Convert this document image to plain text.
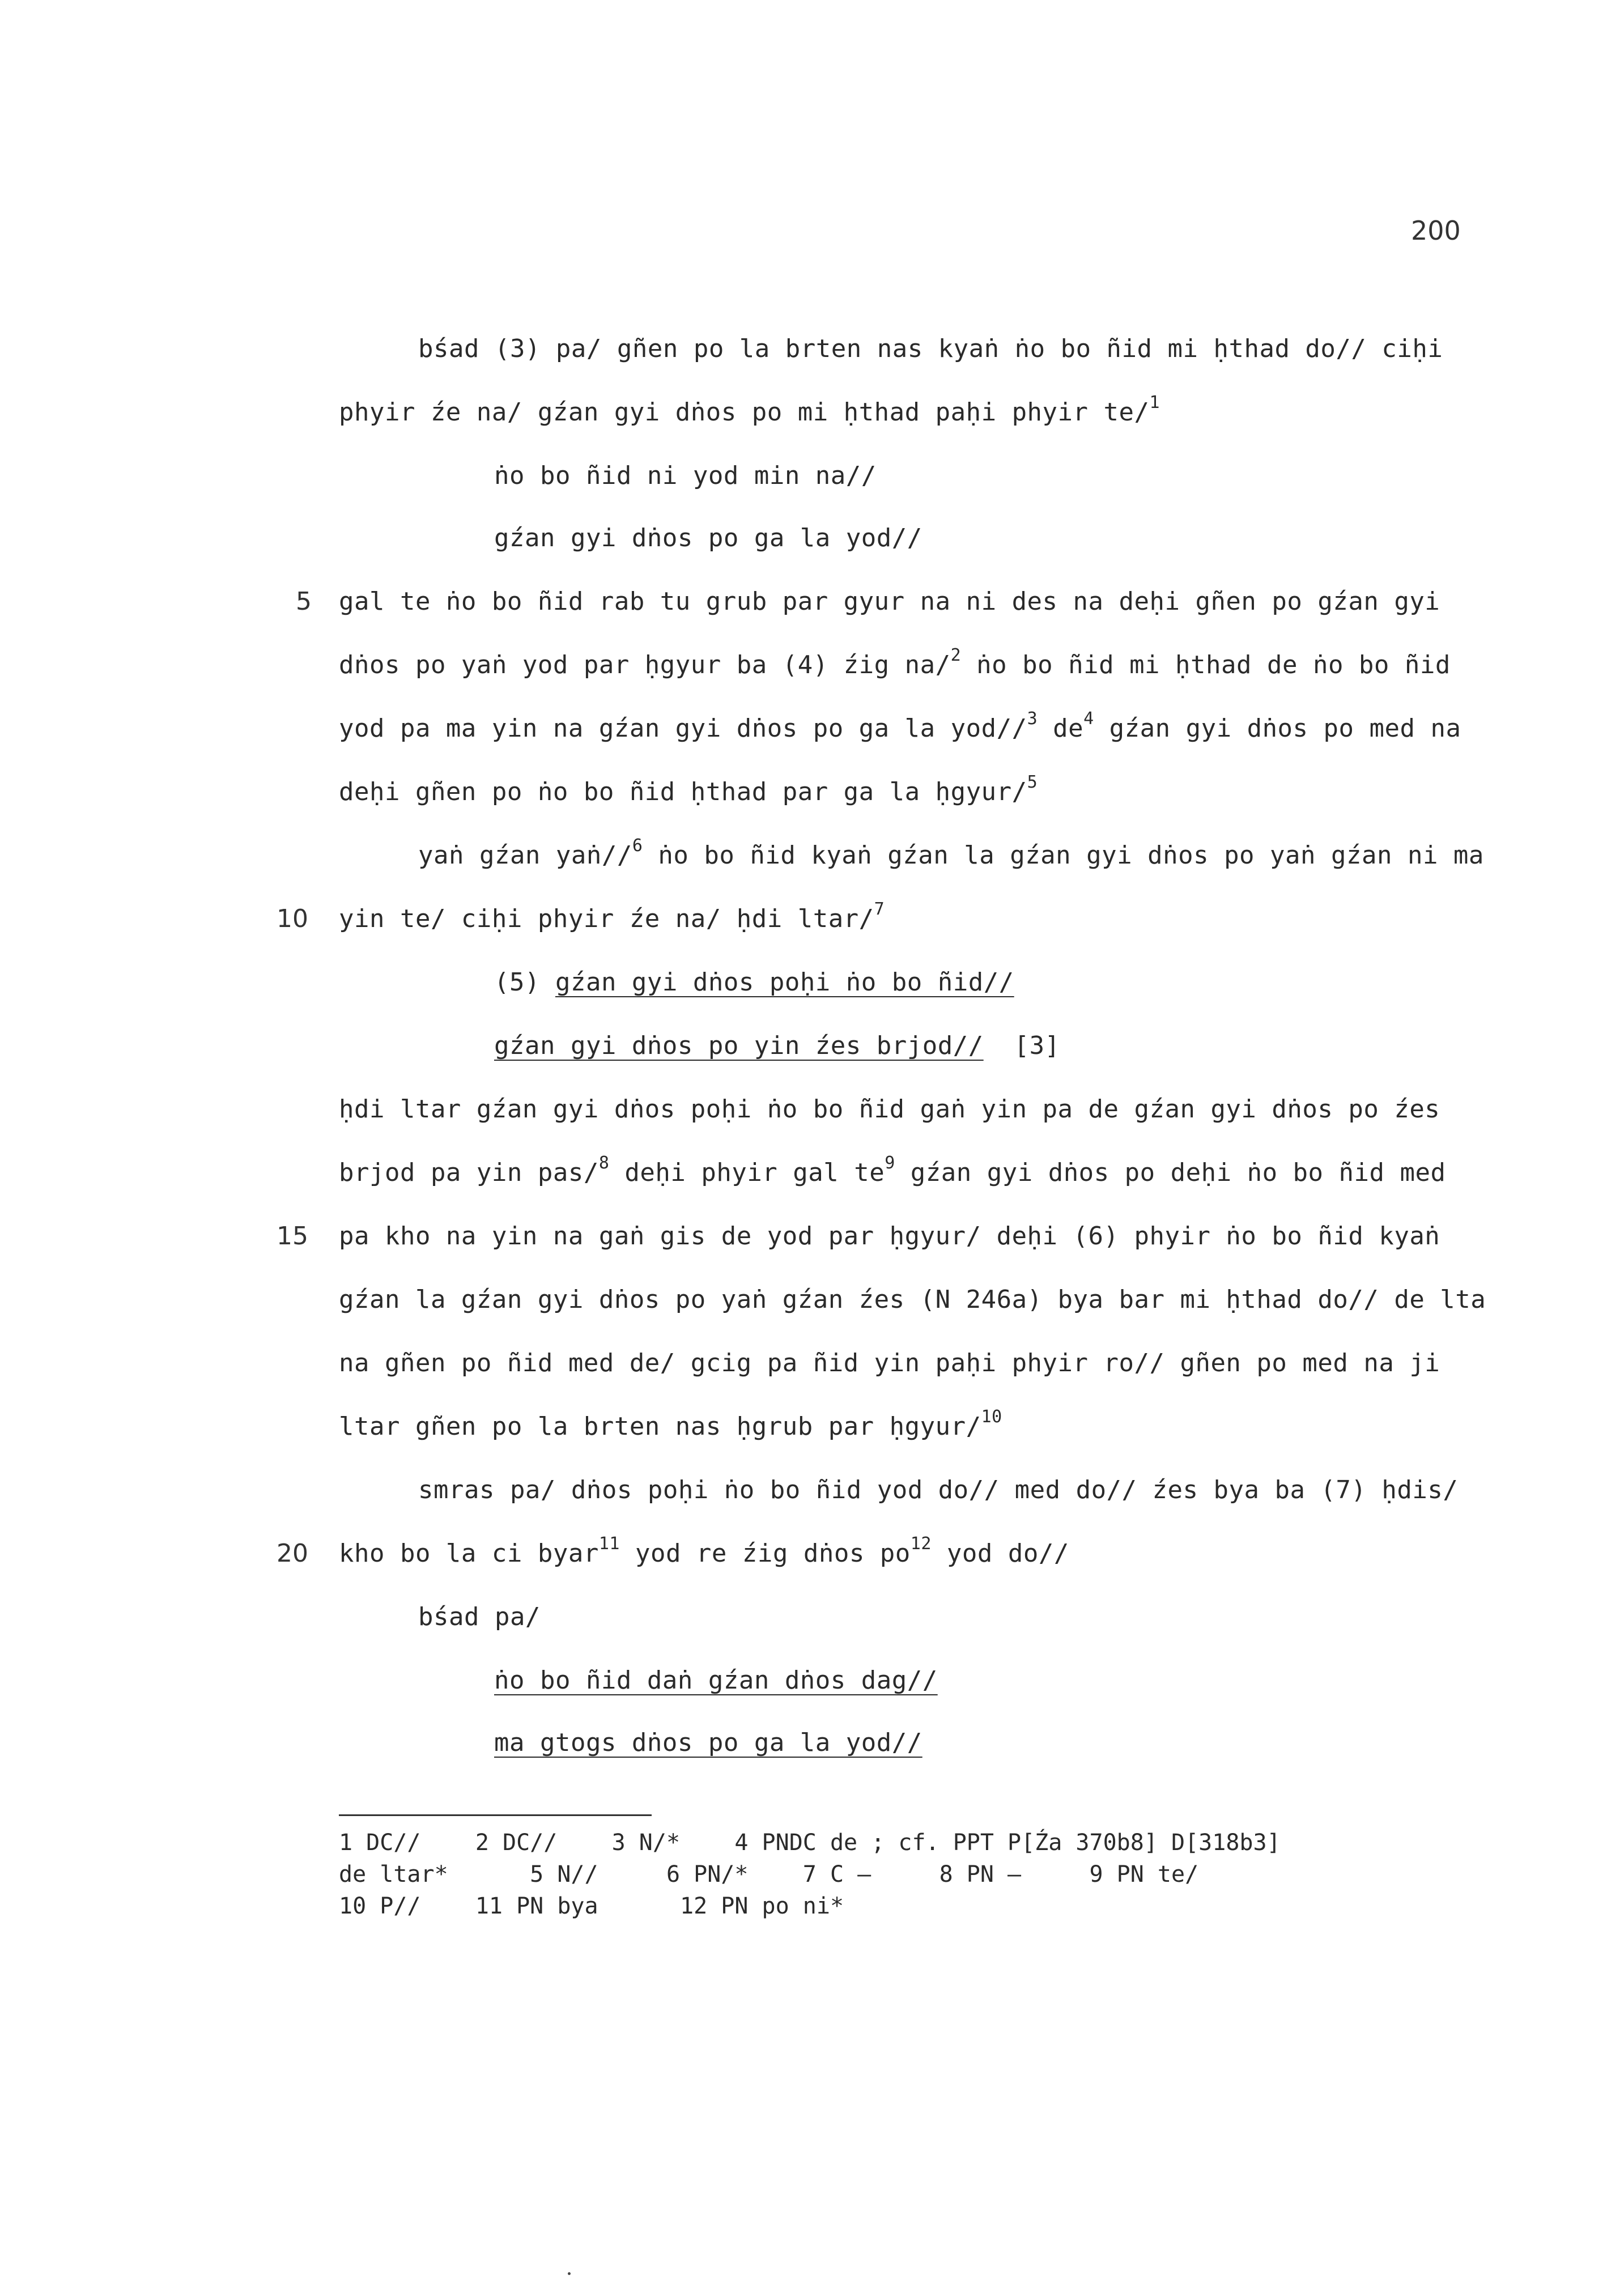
200
bśad (3) pa/ gñen po la brten nas kyaṅ ṅo bo ñid mi ḥthad do// ciḥi
phyir źe na/ gźan gyi dṅos po mi ḥthad paḥi phyir te/$^1$
ṅo bo ñid ni yod min na//
gźan gyi dṅos po ga la yod//
gal te ṅo bo ñid rab tu grub par gyur na ni des na deḥi gñen po gźan gyi
dṅos po yaṅ yod par ḥgyur ba (4) źig na/$^2$ ṅo bo ñid mi ḥthad de ṅo bo ñid
yod pa ma yin na gźan gyi dṅos po ga la yod//$^3$ $de^4$ gźan gyi dṅos po med na
deḥi gñen po ṅo bo ñid ḥthad par ga la ḥgyur/$^5$
yaṅ gźan yaṅ//$^6$ ṅo bo ñid kyaṅ gźan la gźan gyi dṅos po yaṅ gźan ni ma
yin te/ ciḥi phyir źe na/ ḥdi ltar/$^7$
(5) gźan gyi dṅos poḥi ṅo bo ñid//
gźan gyi dṅos po yin źes brjod//  [3]
ḥdi ltar gźan gyi dṅos poḥi ṅo bo ñid gaṅ yin pa de gźan gyi dṅos po źes
brjod pa yin pas/$^8$ deḥi phyir gal $te^9$ gźan gyi dṅos po deḥi ṅo bo ñid med
pa kho na yin na gaṅ gis de yod par ḥgyur/ deḥi (6) phyir ṅo bo ñid kyaṅ
gźan la gźan gyi dṅos po yaṅ gźan źes (N 246a) bya bar mi ḥthad do// de lta
na gñen po ñid med de/ gcig pa ñid yin paḥi phyir ro// gñen po med na ji
ltar gñen po la brten nas ḥgrub par ḥgyur/$^{10}$
smras pa/ dṅos poḥi ṅo bo ñid yod do// med do// źes bya ba (7) ḥdis/
kho bo la ci byar$^{11}$ yod re źig dṅos $po^{12}$ yod do//
bśad pa/
ṅo bo ñid daṅ gźan dṅos dag//
ma gtogs dṅos po ga la yod//
5
10
15
20
1 DC//    2 DC//    3 N/*    4 PNDC de ; cf. PPT P[Źa 370b8] D[318b3]
de ltar*      5 N//     6 PN/*    7 C —     8 PN —     9 PN te/
10 P//    11 PN bya      12 PN po ni*
